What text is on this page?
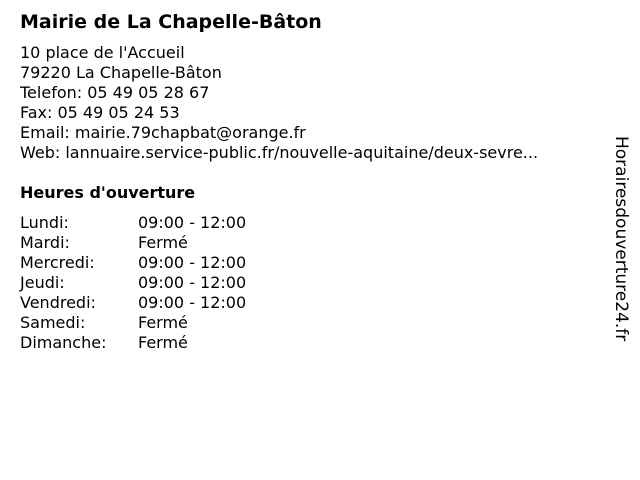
Mairie de La Chapelle-Bâton
10 place de l'Accueil
79220 La Chapelle-Bâton
Telefon: 05 49 05 28 67
Fax: 05 49 05 24 53
Email: mairie.79chapbat@orange.fr
Web: lannuaire.service-public.fr/nouvelle-aquitaine/deux-sevre...
Heures d'ouverture
Lundi:	09:00 - 12:00
Mardi:	Fermé
Mercredi:	09:00 - 12:00
Jeudi:	09:00 - 12:00
Vendredi:	09:00 - 12:00
Samedi:	Fermé
Dimanche: Fermé
Horairesdouverture24.fr
